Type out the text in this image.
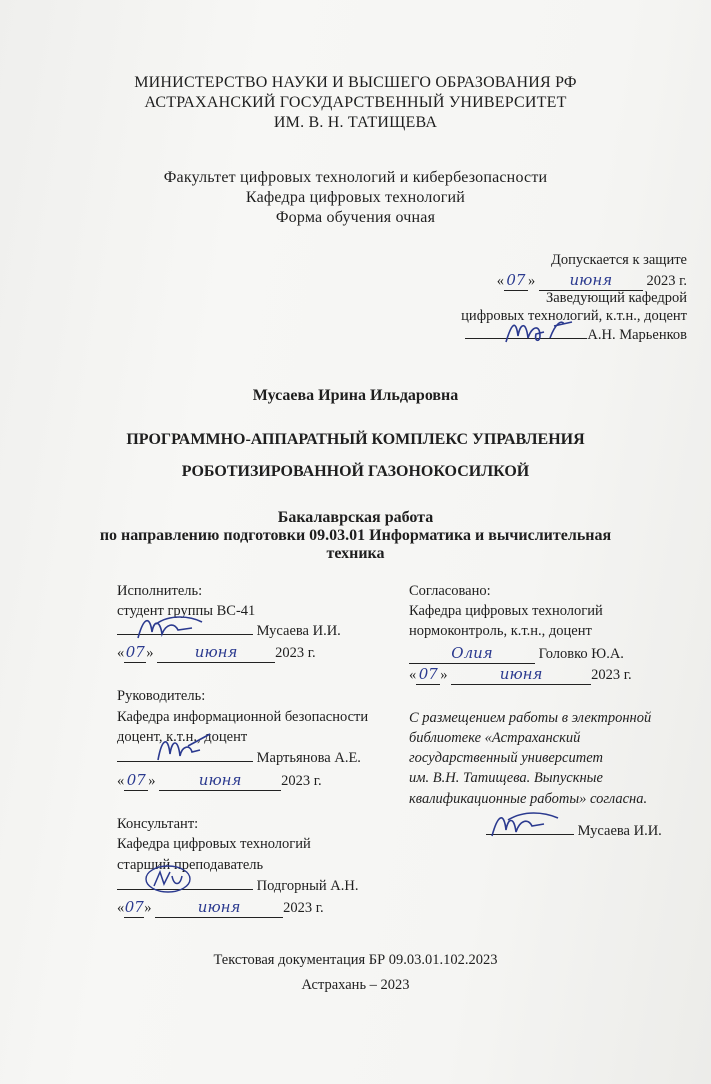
МИНИСТЕРСТВО НАУКИ И ВЫСШЕГО ОБРАЗОВАНИЯ РФ
АСТРАХАНСКИЙ ГОСУДАРСТВЕННЫЙ УНИВЕРСИТЕТ
ИМ. В. Н. ТАТИЩЕВА
Факультет цифровых технологий и кибербезопасности
Кафедра цифровых технологий
Форма обучения очная
Допускается к защите
« 07 » июня 2023 г.
Заведующий кафедрой
цифровых технологий, к.т.н., доцент
А.Н. Марьенков
Мусаева Ирина Ильдаровна
ПРОГРАММНО-АППАРАТНЫЙ КОМПЛЕКС УПРАВЛЕНИЯ
РОБОТИЗИРОВАННОЙ ГАЗОНОКОСИЛКОЙ
Бакалаврская работа
по направлению подготовки 09.03.01 Информатика и вычислительная
техника
Исполнитель:
студент группы ВС-41
Мусаева И.И.
«07»	июня	2023 г.
Согласовано:
Кафедра цифровых технологий
нормоконтроль, к.т.н., доцент
Олия	Головко Ю.А.
« 07 »	июня	2023 г.
Руководитель:
Кафедра информационной безопасности
доцент, к.т.н., доцент
Мартьянова А.Е.
« 07 »	июня	2023 г.
С размещением работы в электронной
библиотеке «Астраханский
государственный университет
им. В.Н. Татищева. Выпускные
квалификационные работы» согласна.
Мусаева И.И.
Консультант:
Кафедра цифровых технологий
старший преподаватель
Подгорный А.Н.
«07»	июня	2023 г.
Текстовая документация БР 09.03.01.102.2023
Астрахань – 2023
